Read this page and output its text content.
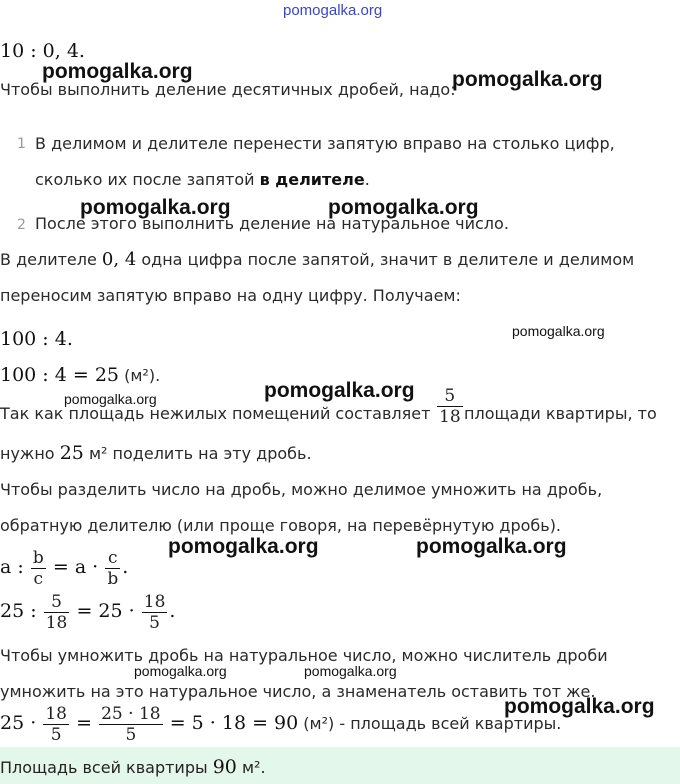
pomogalka.org
10 : 0, 4.
pomogalka.org	pomogalka.org
Чтобы выполнить деление десятичных дробей, надо:
1 В делимом и делителе перенести запятую вправо на столько цифр,
сколько их после запятой в делителе.
pomogalka.org	pomogalka.org
2 После этого выполнить деление на натуральное число.
В делителе 0, 4 одна цифра после запятой, значит в делителе и делимом
переносим запятую вправо на одну цифру. Получаем:
pomogalka.org
100 : 4.
100 : 4 = 25 (м²).
pomogalka.org
pomogalka.org
Так как площадь нежилых помещений составляет $\frac{5}{18}$ площади квартиры, то
нужно 25 м² поделить на эту дробь.
Чтобы разделить число на дробь, можно делимое умножить на дробь,
обратную делителю (или проще говоря, на перевёрнутую дробь).
pomogalka.org	pomogalka.org
a : $\frac{b}{c} = a \cdot \frac{c}{b}$ .
25 : $\frac{5}{18} = 25 \cdot \frac{18}{5}$ .
Чтобы умножить дробь на натуральное число, можно числитель дроби
pomogalka.org	pomogalka.org
умножить на это натуральное число, а знаменатель оставить тот же.
pomogalka.org
$25 \cdot \frac{18}{5} = \frac{25 \cdot 18}{5} = 5 \cdot 18 = 90$ (м²) - площадь всей квартиры.
Площадь всей квартиры 90 м².
